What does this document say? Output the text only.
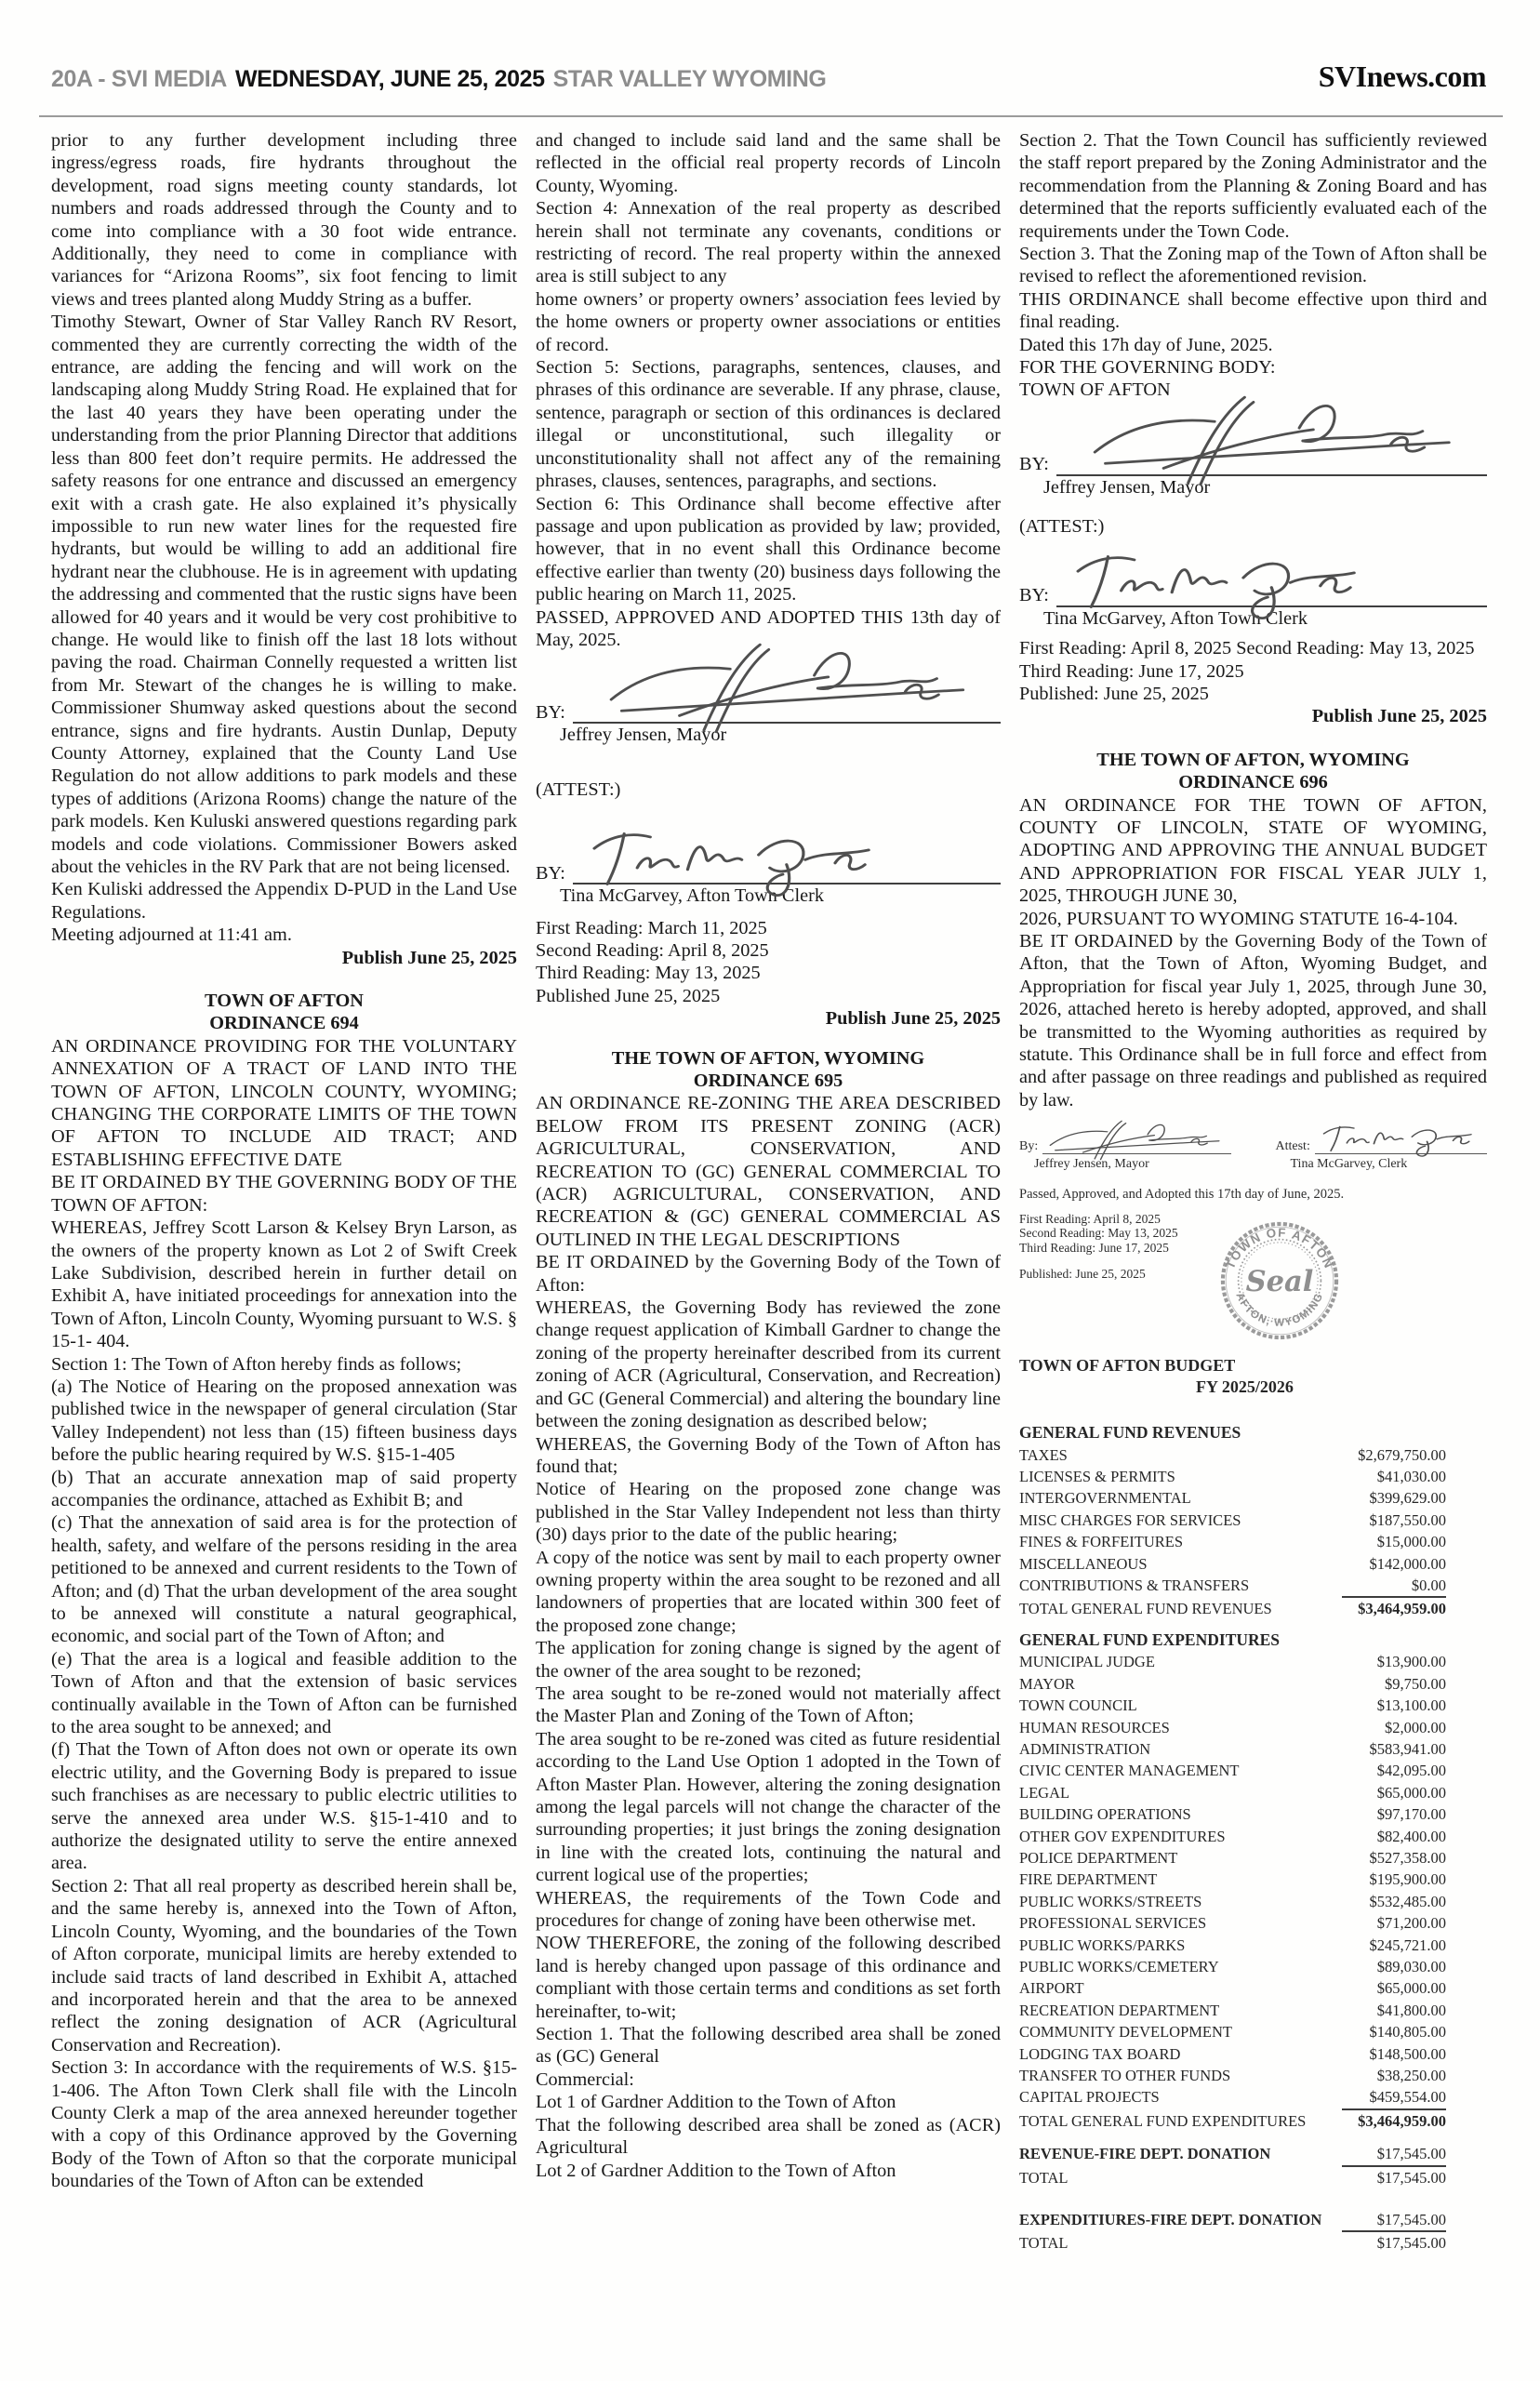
20A - SVI MEDIA WEDNESDAY, JUNE 25, 2025 STAR VALLEY WYOMING	SVInews.com

prior to any further development including three ingress/egress roads, fire hydrants throughout the development, road signs meeting county standards, lot numbers and roads addressed through the County and to come into compliance with a 30 foot wide entrance. Additionally, they need to come in compliance with variances for “Arizona Rooms”, six foot fencing to limit views and trees planted along Muddy String as a buffer.

Timothy Stewart, Owner of Star Valley Ranch RV Resort, commented they are currently correcting the width of the entrance, are adding the fencing and will work on the landscaping along Muddy String Road. He explained that for the last 40 years they have been operating under the understanding from the prior Planning Director that additions less than 800 feet don’t require permits. He addressed the safety reasons for one entrance and discussed an emergency exit with a crash gate. He also explained it’s physically impossible to run new water lines for the requested fire hydrants, but would be willing to add an additional fire hydrant near the clubhouse. He is in agreement with updating the addressing and commented that the rustic signs have been allowed for 40 years and it would be very cost prohibitive to change. He would like to finish off the last 18 lots without paving the road. Chairman Connelly requested a written list from Mr. Stewart of the changes he is willing to make. Commissioner Shumway asked questions about the second entrance, signs and fire hydrants. Austin Dunlap, Deputy County Attorney, explained that the County Land Use Regulation do not allow additions to park models and these types of additions (Arizona Rooms) change the nature of the park models. Ken Kuluski answered questions regarding park models and code violations. Commissioner Bowers asked about the vehicles in the RV Park that are not being licensed.

Ken Kuliski addressed the Appendix D-PUD in the Land Use Regulations.

Meeting adjourned at 11:41 am.

Publish June 25, 2025

TOWN OF AFTON

ORDINANCE 694

AN ORDINANCE PROVIDING FOR THE VOLUNTARY ANNEXATION OF A TRACT OF LAND INTO THE TOWN OF AFTON, LINCOLN COUNTY, WYOMING; CHANGING THE CORPORATE LIMITS OF THE TOWN OF AFTON TO INCLUDE AID TRACT; AND ESTABLISHING EFFECTIVE DATE

BE IT ORDAINED BY THE GOVERNING BODY OF THE TOWN OF AFTON:

WHEREAS, Jeffrey Scott Larson & Kelsey Bryn Larson, as the owners of the property known as Lot 2 of Swift Creek Lake Subdivision, described herein in further detail on Exhibit A, have initiated proceedings for annexation into the Town of Afton, Lincoln County, Wyoming pursuant to W.S. § 15-1- 404.

Section 1: The Town of Afton hereby finds as follows;

(a) The Notice of Hearing on the proposed annexation was published twice in the newspaper of general circulation (Star Valley Independent) not less than (15) fifteen business days before the public hearing required by W.S. §15-1-405

(b) That an accurate annexation map of said property accompanies the ordinance, attached as Exhibit B; and

(c) That the annexation of said area is for the protection of health, safety, and welfare of the persons residing in the area petitioned to be annexed and current residents to the Town of Afton; and (d) That the urban development of the area sought to be annexed will constitute a natural geographical, economic, and social part of the Town of Afton; and

(e) That the area is a logical and feasible addition to the Town of Afton and that the extension of basic services continually available in the Town of Afton can be furnished to the area sought to be annexed; and

(f) That the Town of Afton does not own or operate its own electric utility, and the Governing Body is prepared to issue such franchises as are necessary to public electric utilities to serve the annexed area under W.S. §15-1-410 and to authorize the designated utility to serve the entire annexed area.

Section 2: That all real property as described herein shall be, and the same hereby is, annexed into the Town of Afton, Lincoln County, Wyoming, and the boundaries of the Town of Afton corporate, municipal limits are hereby extended to include said tracts of land described in Exhibit A, attached and incorporated herein and that the area to be annexed reflect the zoning designation of ACR (Agricultural Conservation and Recreation).

Section 3: In accordance with the requirements of W.S. §15-1-406. The Afton Town Clerk shall file with the Lincoln County Clerk a map of the area annexed hereunder together with a copy of this Ordinance approved by the Governing Body of the Town of Afton so that the corporate municipal boundaries of the Town of Afton can be extended

and changed to include said land and the same shall be reflected in the official real property records of Lincoln County, Wyoming.

Section 4: Annexation of the real property as described herein shall not terminate any covenants, conditions or restricting of record. The real property within the annexed area is still subject to any

home owners’ or property owners’ association fees levied by the home owners or property owner associations or entities of record.

Section 5: Sections, paragraphs, sentences, clauses, and phrases of this ordinance are severable. If any phrase, clause, sentence, paragraph or section of this ordinances is declared illegal or unconstitutional, such illegality or unconstitutionality shall not affect any of the remaining phrases, clauses, sentences, paragraphs, and sections.

Section 6: This Ordinance shall become effective after passage and upon publication as provided by law; provided, however, that in no event shall this Ordinance become effective earlier than twenty (20) business days following the public hearing on March 11, 2025.

PASSED, APPROVED AND ADOPTED THIS 13th day of May, 2025.

BY:

Jeffrey Jensen, Mayor

(ATTEST:)

BY:

Tina McGarvey, Afton Town Clerk

First Reading: March 11, 2025

Second Reading: April 8, 2025

Third Reading: May 13, 2025

Published June 25, 2025

Publish June 25, 2025

THE TOWN OF AFTON, WYOMING

ORDINANCE 695

AN ORDINANCE RE-ZONING THE AREA DESCRIBED BELOW FROM ITS PRESENT ZONING (ACR) AGRICULTURAL, CONSERVATION, AND RECREATION TO (GC) GENERAL COMMERCIAL TO (ACR) AGRICULTURAL, CONSERVATION, AND RECREATION & (GC) GENERAL COMMERCIAL AS OUTLINED IN THE LEGAL DESCRIPTIONS

BE IT ORDAINED by the Governing Body of the Town of Afton:

WHEREAS, the Governing Body has reviewed the zone change request application of Kimball Gardner to change the zoning of the property hereinafter described from its current zoning of ACR (Agricultural, Conservation, and Recreation) and GC (General Commercial) and altering the boundary line between the zoning designation as described below;

WHEREAS, the Governing Body of the Town of Afton has found that;

Notice of Hearing on the proposed zone change was published in the Star Valley Independent not less than thirty (30) days prior to the date of the public hearing;

A copy of the notice was sent by mail to each property owner owning property within the area sought to be rezoned and all landowners of properties that are located within 300 feet of the proposed zone change;

The application for zoning change is signed by the agent of the owner of the area sought to be rezoned;

The area sought to be re-zoned would not materially affect the Master Plan and Zoning of the Town of Afton;

The area sought to be re-zoned was cited as future residential according to the Land Use Option 1 adopted in the Town of Afton Master Plan. However, altering the zoning designation among the legal parcels will not change the character of the surrounding properties; it just brings the zoning designation in line with the created lots, continuing the natural and current logical use of the properties;

WHEREAS, the requirements of the Town Code and procedures for change of zoning have been otherwise met.

NOW THEREFORE, the zoning of the following described land is hereby changed upon passage of this ordinance and compliant with those certain terms and conditions as set forth hereinafter, to-wit;

Section 1. That the following described area shall be zoned as (GC) General

Commercial:

Lot 1 of Gardner Addition to the Town of Afton

That the following described area shall be zoned as (ACR) Agricultural

Lot 2 of Gardner Addition to the Town of Afton

Section 2. That the Town Council has sufficiently reviewed the staff report prepared by the Zoning Administrator and the recommendation from the Planning & Zoning Board and has determined that the reports sufficiently evaluated each of the requirements under the Town Code.

Section 3. That the Zoning map of the Town of Afton shall be revised to reflect the aforementioned revision.

THIS ORDINANCE shall become effective upon third and final reading.

Dated this 17h day of June, 2025.

FOR THE GOVERNING BODY:

TOWN OF AFTON

BY:

Jeffrey Jensen, Mayor

(ATTEST:)

BY:

Tina McGarvey, Afton Town Clerk

First Reading: April 8, 2025 Second Reading: May 13, 2025

Third Reading: June 17, 2025

Published: June 25, 2025

Publish June 25, 2025

THE TOWN OF AFTON, WYOMING

ORDINANCE 696

AN ORDINANCE FOR THE TOWN OF AFTON, COUNTY OF LINCOLN, STATE OF WYOMING, ADOPTING AND APPROVING THE ANNUAL BUDGET AND APPROPRIATION FOR FISCAL YEAR JULY 1, 2025, THROUGH JUNE 30,

2026, PURSUANT TO WYOMING STATUTE 16-4-104.

BE IT ORDAINED by the Governing Body of the Town of Afton, that the Town of Afton, Wyoming Budget, and Appropriation for fiscal year July 1, 2025, through June 30, 2026, attached hereto is hereby adopted, approved, and shall be transmitted to the Wyoming authorities as required by statute. This Ordinance shall be in full force and effect from and after passage on three readings and published as required by law.

By:
Jeffrey Jensen, Mayor
Attest:
Tina McGarvey, Clerk

Passed, Approved, and Adopted this 17th day of June, 2025.

First Reading: April 8, 2025

Second Reading: May 13, 2025

Third Reading: June 17, 2025

Published: June 25, 2025

TOWN OF AFTON
AFTON, WYOMING
Seal
TOWN OF AFTON BUDGET
FY 2025/2026
GENERAL FUND REVENUES
TAXES	$2,679,750.00
LICENSES & PERMITS	$41,030.00
INTERGOVERNMENTAL	$399,629.00
MISC CHARGES FOR SERVICES	$187,550.00
FINES & FORFEITURES	$15,000.00
MISCELLANEOUS	$142,000.00
CONTRIBUTIONS & TRANSFERS	$0.00
TOTAL GENERAL FUND REVENUES	$3,464,959.00
GENERAL FUND EXPENDITURES
MUNICIPAL JUDGE	$13,900.00
MAYOR	$9,750.00
TOWN COUNCIL	$13,100.00
HUMAN RESOURCES	$2,000.00
ADMINISTRATION	$583,941.00
CIVIC CENTER MANAGEMENT	$42,095.00
LEGAL	$65,000.00
BUILDING OPERATIONS	$97,170.00
OTHER GOV EXPENDITURES	$82,400.00
POLICE DEPARTMENT	$527,358.00
FIRE DEPARTMENT	$195,900.00
PUBLIC WORKS/STREETS	$532,485.00
PROFESSIONAL SERVICES	$71,200.00
PUBLIC WORKS/PARKS	$245,721.00
PUBLIC WORKS/CEMETERY	$89,030.00
AIRPORT	$65,000.00
RECREATION DEPARTMENT	$41,800.00
COMMUNITY DEVELOPMENT	$140,805.00
LODGING TAX BOARD	$148,500.00
TRANSFER TO OTHER FUNDS	$38,250.00
CAPITAL PROJECTS	$459,554.00
TOTAL GENERAL FUND EXPENDITURES	$3,464,959.00
REVENUE-FIRE DEPT. DONATION	$17,545.00
TOTAL	$17,545.00
EXPENDITIURES-FIRE DEPT. DONATION	$17,545.00
TOTAL	$17,545.00
